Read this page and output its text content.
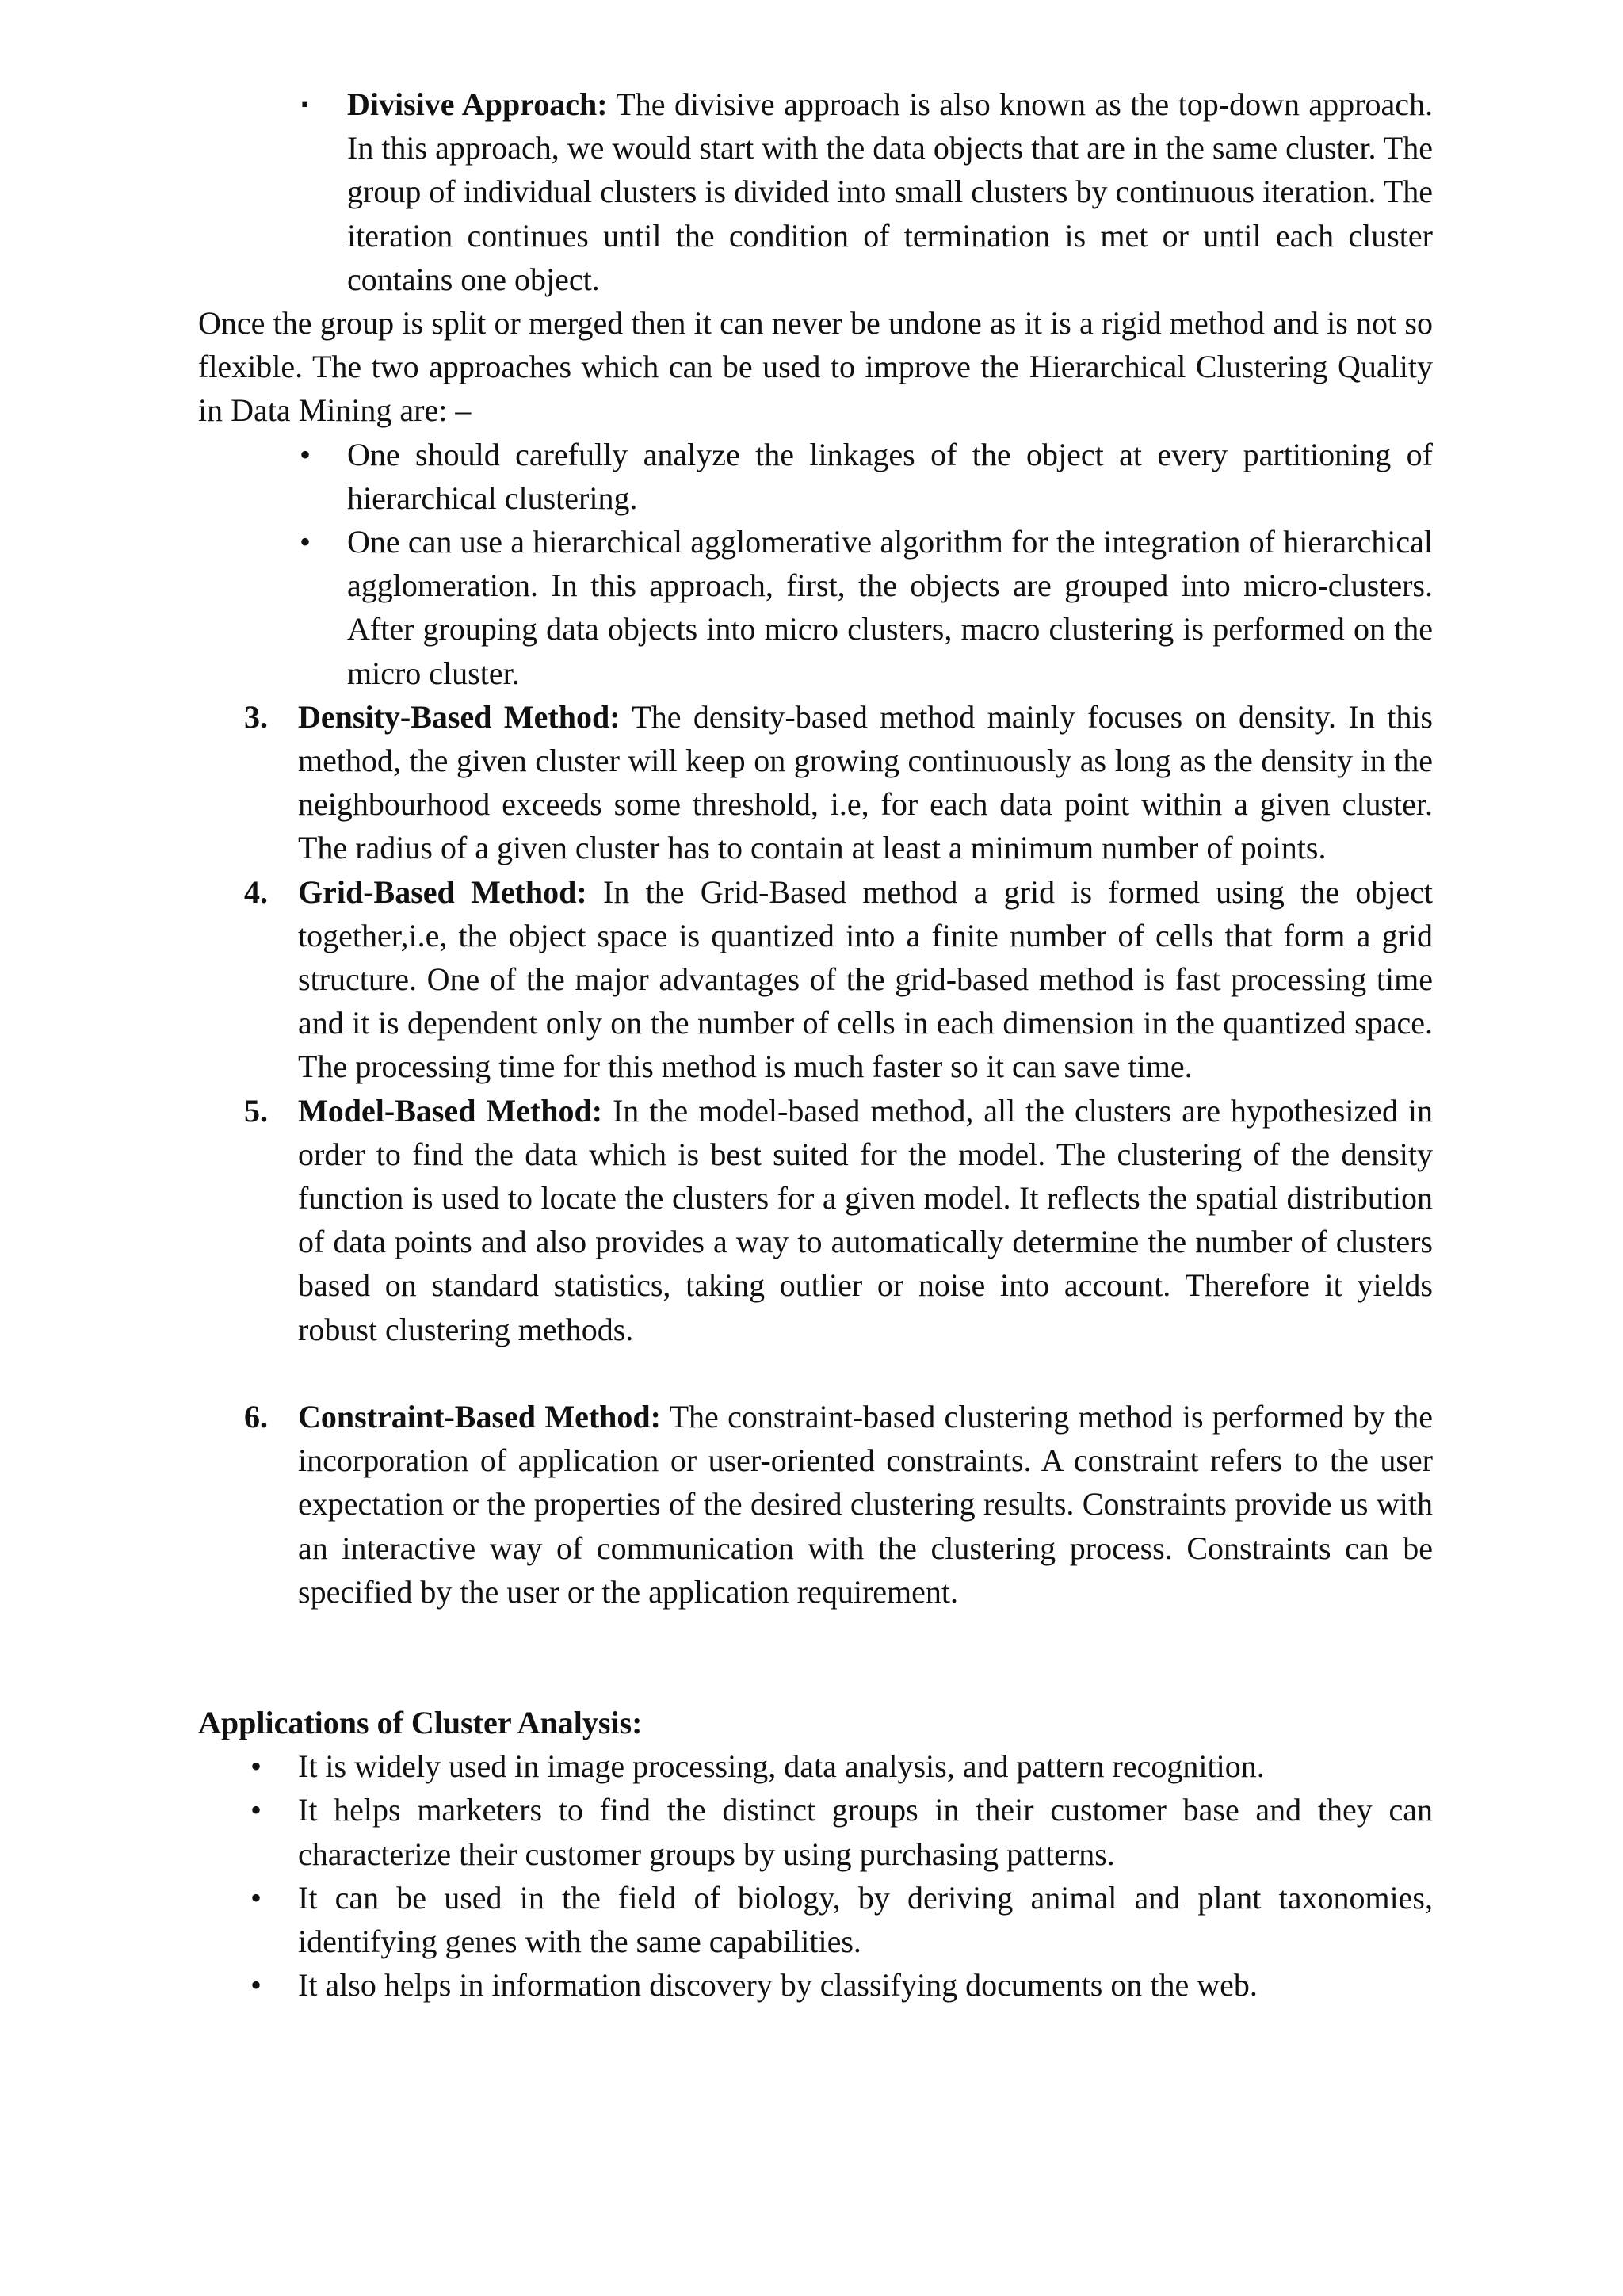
▪ Divisive Approach: The divisive approach is also known as the top-down approach. In this approach, we would start with the data objects that are in the same cluster. The group of individual clusters is divided into small clusters by continuous iteration. The iteration continues until the condition of termination is met or until each cluster contains one object.

Once the group is split or merged then it can never be undone as it is a rigid method and is not so flexible. The two approaches which can be used to improve the Hierarchical Clustering Quality in Data Mining are: –

• One should carefully analyze the linkages of the object at every partitioning of hierarchical clustering.
• One can use a hierarchical agglomerative algorithm for the integration of hierarchical agglomeration. In this approach, first, the objects are grouped into micro-clusters. After grouping data objects into micro clusters, macro clustering is performed on the micro cluster.
3. Density-Based Method: The density-based method mainly focuses on density. In this method, the given cluster will keep on growing continuously as long as the density in the neighbourhood exceeds some threshold, i.e, for each data point within a given cluster. The radius of a given cluster has to contain at least a minimum number of points.
4. Grid-Based Method: In the Grid-Based method a grid is formed using the object together,i.e, the object space is quantized into a finite number of cells that form a grid structure. One of the major advantages of the grid-based method is fast processing time and it is dependent only on the number of cells in each dimension in the quantized space. The processing time for this method is much faster so it can save time.
5. Model-Based Method: In the model-based method, all the clusters are hypothesized in order to find the data which is best suited for the model. The clustering of the density function is used to locate the clusters for a given model. It reflects the spatial distribution of data points and also provides a way to automatically determine the number of clusters based on standard statistics, taking outlier or noise into account. Therefore it yields robust clustering methods.
6. Constraint-Based Method: The constraint-based clustering method is performed by the incorporation of application or user-oriented constraints. A constraint refers to the user expectation or the properties of the desired clustering results. Constraints provide us with an interactive way of communication with the clustering process. Constraints can be specified by the user or the application requirement.

Applications of Cluster Analysis:

• It is widely used in image processing, data analysis, and pattern recognition.
• It helps marketers to find the distinct groups in their customer base and they can characterize their customer groups by using purchasing patterns.
• It can be used in the field of biology, by deriving animal and plant taxonomies, identifying genes with the same capabilities.
• It also helps in information discovery by classifying documents on the web.
